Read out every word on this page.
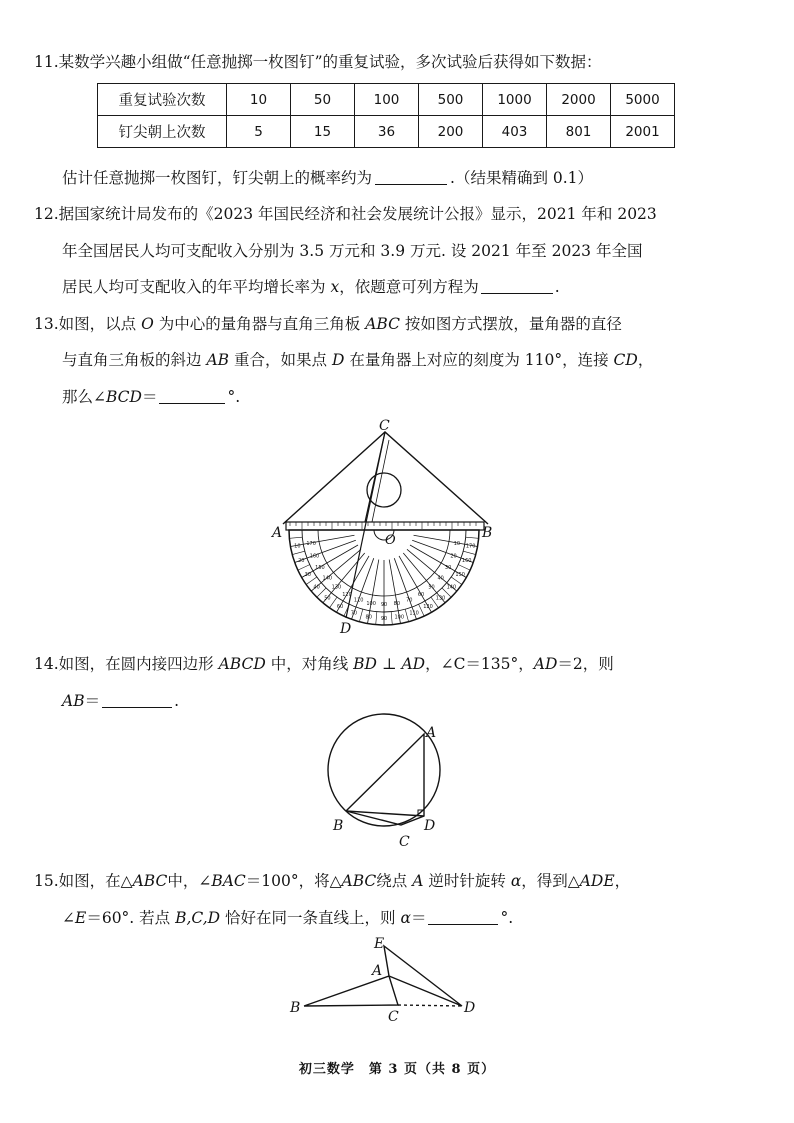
11.某数学兴趣小组做“任意抛掷一枚图钉”的重复试验，多次试验后获得如下数据：
重复试验次数	10	50	100	500	1000	2000	5000
钉尖朝上次数	5	15	36	200	403	801	2001
估计任意抛掷一枚图钉，钉尖朝上的概率约为	.（结果精确到 0.1）
12.据国家统计局发布的《2023 年国民经济和社会发展统计公报》显示，2021 年和 2023
年全国居民人均可支配收入分别为 3.5 万元和 3.9 万元. 设 2021 年至 2023 年全国
居民人均可支配收入的年平均增长率为 x，依题意可列方程为	.
13.如图，以点 O 为中心的量角器与直角三角板 ABC 按如图方式摆放，量角器的直径
与直角三角板的斜边 AB 重合，如果点 D 在量角器上对应的刻度为 110°，连接 CD，
那么∠BCD＝	°.
10 170
20
160
30
150
40
140
50
130
60
120
70
110
80
100
90
90
100
80
110
70
120
60
130
50 140
40
150
30
160
20
170
10
A	B
C
D
O
14.如图，在圆内接四边形 ABCD 中，对角线 BD ⊥ AD，∠C＝135°，AD＝2，则
AB＝	.
A
B
C
D
15.如图，在△ABC中，∠BAC＝100°，将△ABC绕点 A 逆时针旋转 α，得到△ADE，
∠E＝60°. 若点 B,C,D 恰好在同一条直线上，则 α＝	°.
E
A
B
C
D
初三数学　第 3 页（共 8 页）
